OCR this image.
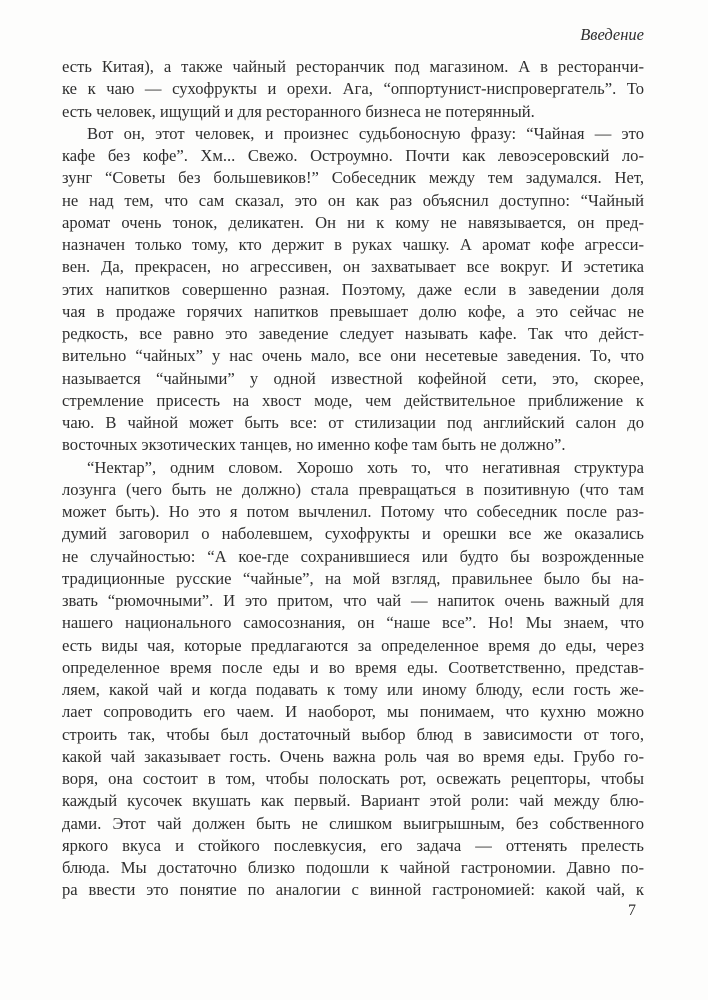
Введение
есть Китая), а также чайный ресторанчик под магазином. А в ресторанчи-
ке к чаю — сухофрукты и орехи. Ага, “оппортунист-ниспровергатель”. То
есть человек, ищущий и для ресторанного бизнеса не потерянный.
Вот он, этот человек, и произнес судьбоносную фразу: “Чайная — это
кафе без кофе”. Хм... Свежо. Остроумно. Почти как левоэсеровский ло-
зунг “Советы без большевиков!” Собеседник между тем задумался. Нет,
не над тем, что сам сказал, это он как раз объяснил доступно: “Чайный
аромат очень тонок, деликатен. Он ни к кому не навязывается, он пред-
назначен только тому, кто держит в руках чашку. А аромат кофе агресси-
вен. Да, прекрасен, но агрессивен, он захватывает все вокруг. И эстетика
этих напитков совершенно разная. Поэтому, даже если в заведении доля
чая в продаже горячих напитков превышает долю кофе, а это сейчас не
редкость, все равно это заведение следует называть кафе. Так что дейст-
вительно “чайных” у нас очень мало, все они несетевые заведения. То, что
называется “чайными” у одной известной кофейной сети, это, скорее,
стремление присесть на хвост моде, чем действительное приближение к
чаю. В чайной может быть все: от стилизации под английский салон до
восточных экзотических танцев, но именно кофе там быть не должно”.
“Нектар”, одним словом. Хорошо хоть то, что негативная структура
лозунга (чего быть не должно) стала превращаться в позитивную (что там
может быть). Но это я потом вычленил. Потому что собеседник после раз-
думий заговорил о наболевшем, сухофрукты и орешки все же оказались
не случайностью: “А кое-где сохранившиеся или будто бы возрожденные
традиционные русские “чайные”, на мой взгляд, правильнее было бы на-
звать “рюмочными”. И это притом, что чай — напиток очень важный для
нашего национального самосознания, он “наше все”. Но! Мы знаем, что
есть виды чая, которые предлагаются за определенное время до еды, через
определенное время после еды и во время еды. Соответственно, представ-
ляем, какой чай и когда подавать к тому или иному блюду, если гость же-
лает сопроводить его чаем. И наоборот, мы понимаем, что кухню можно
строить так, чтобы был достаточный выбор блюд в зависимости от того,
какой чай заказывает гость. Очень важна роль чая во время еды. Грубо го-
воря, она состоит в том, чтобы полоскать рот, освежать рецепторы, чтобы
каждый кусочек вкушать как первый. Вариант этой роли: чай между блю-
дами. Этот чай должен быть не слишком выигрышным, без собственного
яркого вкуса и стойкого послевкусия, его задача — оттенять прелесть
блюда. Мы достаточно близко подошли к чайной гастрономии. Давно по-
ра ввести это понятие по аналогии с винной гастрономией: какой чай, к
7
